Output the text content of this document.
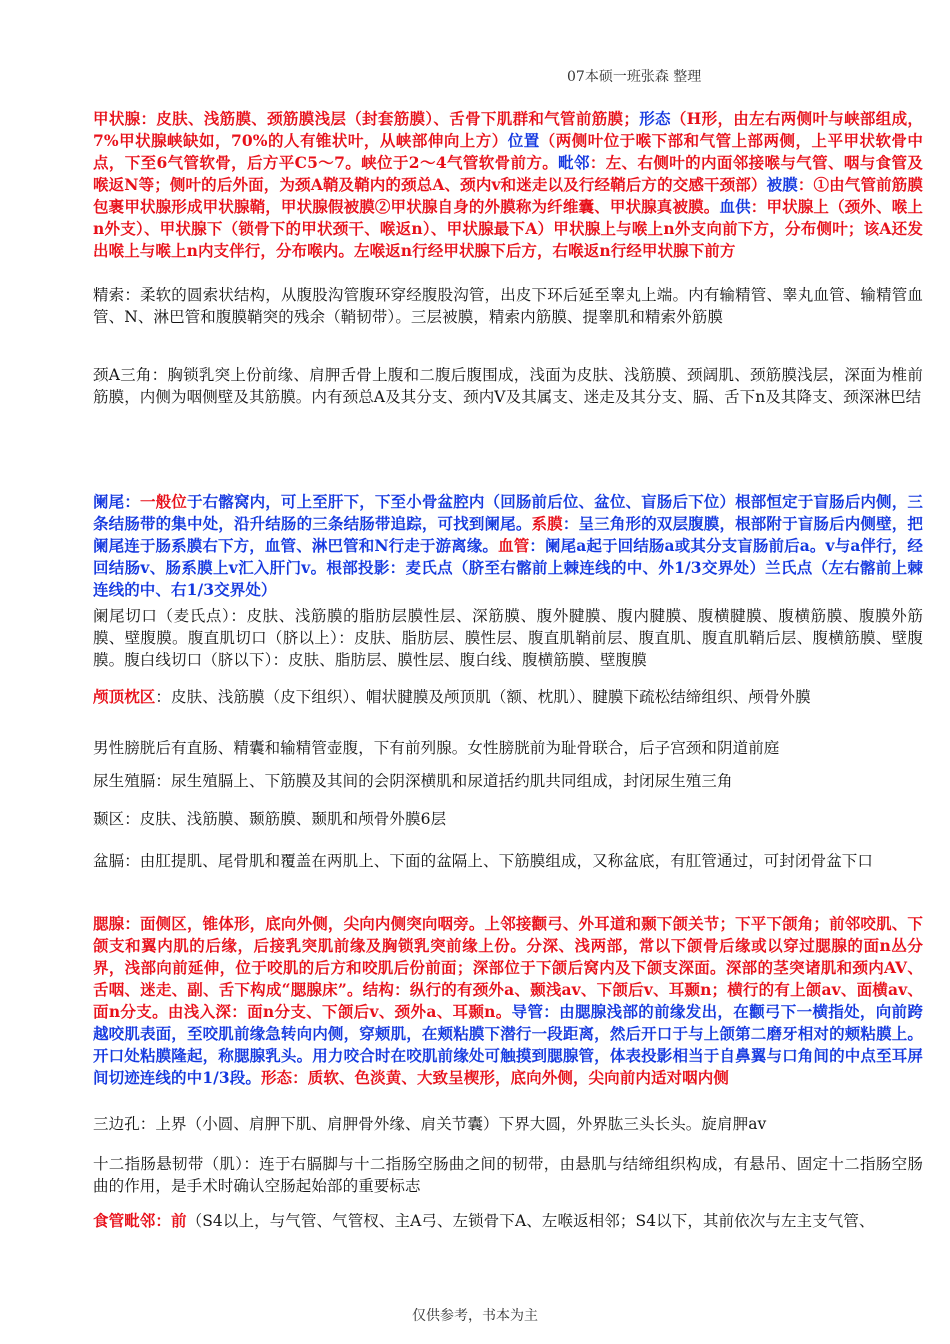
07本硕一班张森 整理

甲状腺：皮肤、浅筋膜、颈筋膜浅层（封套筋膜）、舌骨下肌群和气管前筋膜；形态（H形，由左右两侧叶与峡部组成，7%甲状腺峡缺如，70%的人有锥状叶，从峡部伸向上方）位置（两侧叶位于喉下部和气管上部两侧，上平甲状软骨中点，下至6气管软骨，后方平C5～7。峡位于2～4气管软骨前方。毗邻：左、右侧叶的内面邻接喉与气管、咽与食管及喉返N等；侧叶的后外面，为颈A鞘及鞘内的颈总A、颈内v和迷走以及行经鞘后方的交感干颈部）被膜：①由气管前筋膜包裹甲状腺形成甲状腺鞘，甲状腺假被膜②甲状腺自身的外膜称为纤维囊、甲状腺真被膜。血供：甲状腺上（颈外、喉上n外支）、甲状腺下（锁骨下的甲状颈干、喉返n）、甲状腺最下A）甲状腺上与喉上n外支向前下方，分布侧叶；该A还发出喉上与喉上n内支伴行，分布喉内。左喉返n行经甲状腺下后方，右喉返n行经甲状腺下前方

精索：柔软的圆索状结构，从腹股沟管腹环穿经腹股沟管，出皮下环后延至睾丸上端。内有输精管、睾丸血管、输精管血管、N、淋巴管和腹膜鞘突的残余（鞘韧带）。三层被膜，精索内筋膜、提睾肌和精索外筋膜

颈A三角：胸锁乳突上份前缘、肩胛舌骨上腹和二腹后腹围成，浅面为皮肤、浅筋膜、颈阔肌、颈筋膜浅层，深面为椎前筋膜，内侧为咽侧壁及其筋膜。内有颈总A及其分支、颈内V及其属支、迷走及其分支、膈、舌下n及其降支、颈深淋巴结

阑尾：一般位于右髂窝内，可上至肝下，下至小骨盆腔内（回肠前后位、盆位、盲肠后下位）根部恒定于盲肠后内侧，三条结肠带的集中处，沿升结肠的三条结肠带追踪，可找到阑尾。系膜：呈三角形的双层腹膜，根部附于盲肠后内侧壁，把阑尾连于肠系膜右下方，血管、淋巴管和N行走于游离缘。血管：阑尾a起于回结肠a或其分支盲肠前后a。v与a伴行，经回结肠v、肠系膜上v汇入肝门v。根部投影：麦氏点（脐至右髂前上棘连线的中、外1/3交界处）兰氏点（左右髂前上棘连线的中、右1/3交界处）

阑尾切口（麦氏点）：皮肤、浅筋膜的脂肪层膜性层、深筋膜、腹外腱膜、腹内腱膜、腹横腱膜、腹横筋膜、腹膜外筋膜、壁腹膜。腹直肌切口（脐以上）：皮肤、脂肪层、膜性层、腹直肌鞘前层、腹直肌、腹直肌鞘后层、腹横筋膜、壁腹膜。腹白线切口（脐以下）：皮肤、脂肪层、膜性层、腹白线、腹横筋膜、壁腹膜

颅顶枕区：皮肤、浅筋膜（皮下组织）、帽状腱膜及颅顶肌（额、枕肌）、腱膜下疏松结缔组织、颅骨外膜

男性膀胱后有直肠、精囊和输精管壶腹，下有前列腺。女性膀胱前为耻骨联合，后子宫颈和阴道前庭

尿生殖膈：尿生殖膈上、下筋膜及其间的会阴深横肌和尿道括约肌共同组成，封闭尿生殖三角

颞区：皮肤、浅筋膜、颞筋膜、颞肌和颅骨外膜6层

盆膈：由肛提肌、尾骨肌和覆盖在两肌上、下面的盆隔上、下筋膜组成，又称盆底，有肛管通过，可封闭骨盆下口

腮腺：面侧区，锥体形，底向外侧，尖向内侧突向咽旁。上邻接颧弓、外耳道和颞下颌关节；下平下颌角；前邻咬肌、下颌支和翼内肌的后缘，后接乳突肌前缘及胸锁乳突前缘上份。分深、浅两部，常以下颌骨后缘或以穿过腮腺的面n丛分界，浅部向前延伸，位于咬肌的后方和咬肌后份前面；深部位于下颌后窝内及下颌支深面。深部的茎突诸肌和颈内AV、舌咽、迷走、副、舌下构成“腮腺床”。结构：纵行的有颈外a、颞浅av、下颌后v、耳颞n；横行的有上颌av、面横av、面n分支。由浅入深：面n分支、下颌后v、颈外a、耳颞n。导管：由腮腺浅部的前缘发出，在颧弓下一横指处，向前跨越咬肌表面，至咬肌前缘急转向内侧，穿颊肌，在颊粘膜下潜行一段距离，然后开口于与上颌第二磨牙相对的颊粘膜上。开口处粘膜隆起，称腮腺乳头。用力咬合时在咬肌前缘处可触摸到腮腺管，体表投影相当于自鼻翼与口角间的中点至耳屏间切迹连线的中1/3段。形态：质软、色淡黄、大致呈楔形，底向外侧，尖向前内适对咽内侧

三边孔：上界（小圆、肩胛下肌、肩胛骨外缘、肩关节囊）下界大圆，外界肱三头长头。旋肩胛av

十二指肠悬韧带（肌）：连于右膈脚与十二指肠空肠曲之间的韧带，由悬肌与结缔组织构成，有悬吊、固定十二指肠空肠曲的作用，是手术时确认空肠起始部的重要标志

食管毗邻：前（S4以上，与气管、气管杈、主A弓、左锁骨下A、左喉返相邻；S4以下，其前依次与左主支气管、

仅供参考，书本为主
